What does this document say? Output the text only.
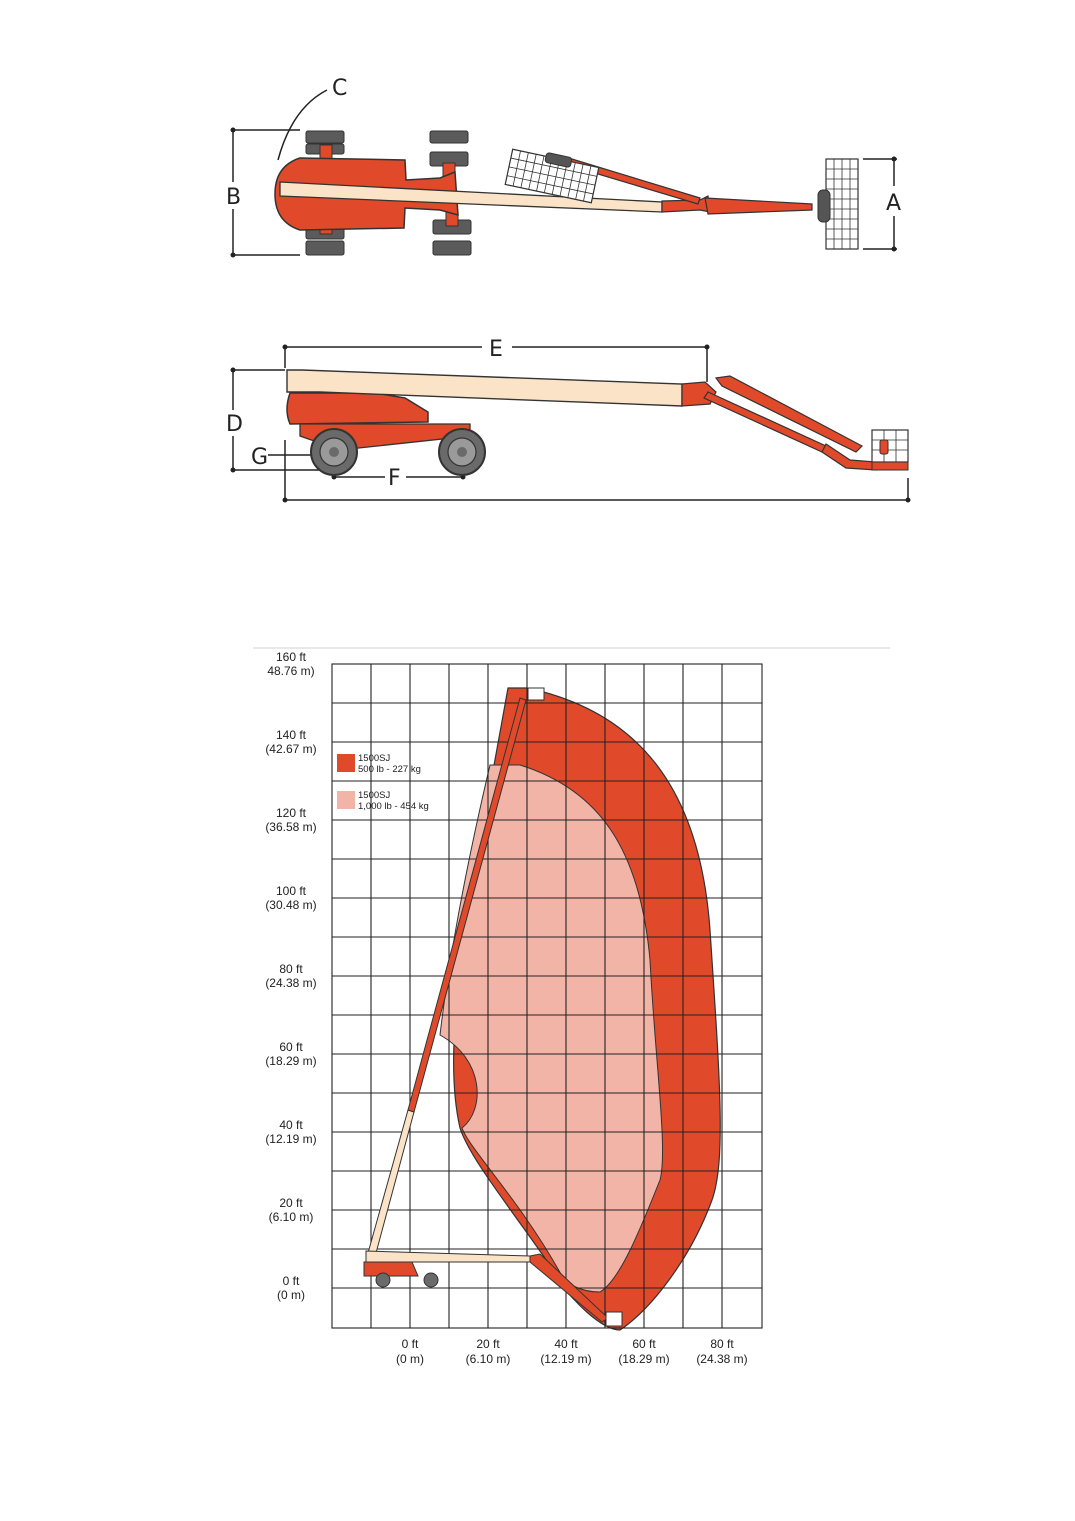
B
C
A
E
D
G
F
1500SJ
500 lb - 227 kg
1500SJ
1,000 lb - 454 kg
160 ft
48.76 m)
140 ft
(42.67 m)
120 ft
(36.58 m)
100 ft
(30.48 m)
80 ft
(24.38 m)
60 ft
(18.29 m)
40 ft
(12.19 m)
20 ft
(6.10 m)
0 ft
(0 m)
0 ft
(0 m)
20 ft
(6.10 m)
40 ft
(12.19 m)
60 ft
(18.29 m)
80 ft
(24.38 m)
